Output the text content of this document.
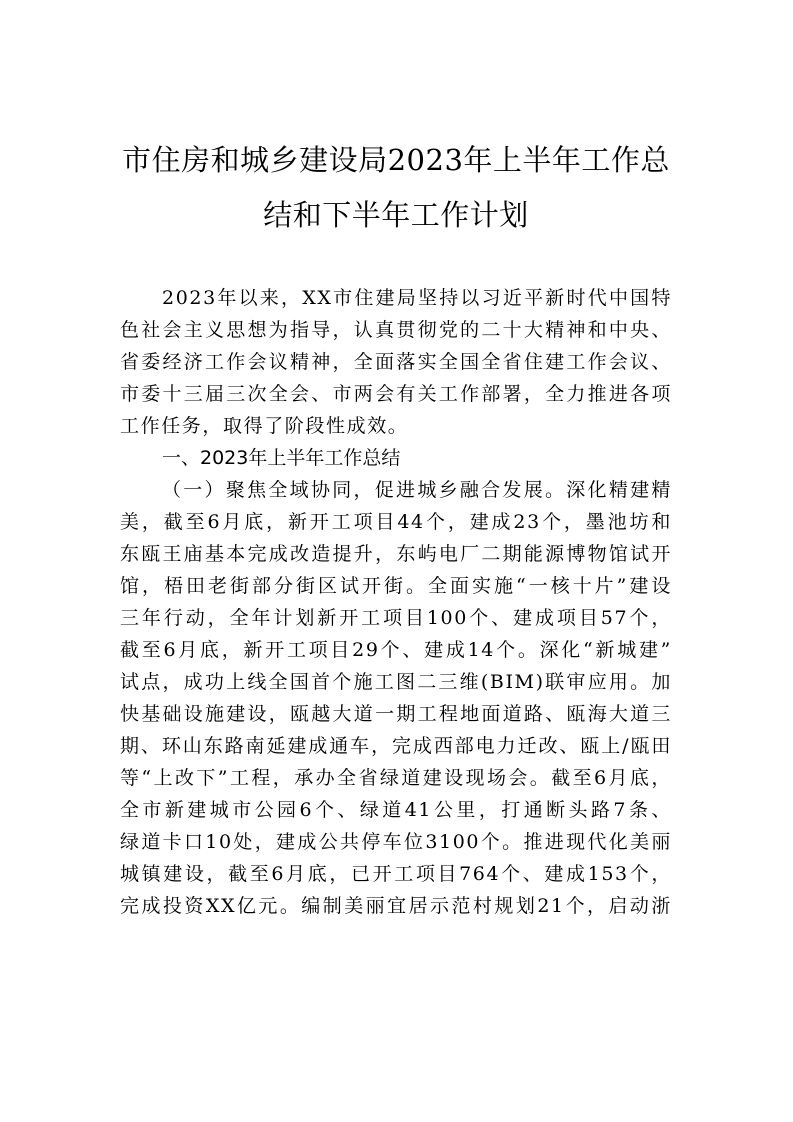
市住房和城乡建设局2023年上半年工作总
结和下半年工作计划
2023年以来，XX市住建局坚持以习近平新时代中国特
色社会主义思想为指导，认真贯彻党的二十大精神和中央、
省委经济工作会议精神，全面落实全国全省住建工作会议、
市委十三届三次全会、市两会有关工作部署，全力推进各项
工作任务，取得了阶段性成效。
一、2023年上半年工作总结
（一）聚焦全域协同，促进城乡融合发展。深化精建精
美，截至6月底，新开工项目44个，建成23个，墨池坊和
东瓯王庙基本完成改造提升，东屿电厂二期能源博物馆试开
馆，梧田老街部分街区试开街。全面实施“一核十片”建设
三年行动，全年计划新开工项目100个、建成项目57个，
截至6月底，新开工项目29个、建成14个。深化“新城建”
试点，成功上线全国首个施工图二三维(BIM)联审应用。加
快基础设施建设，瓯越大道一期工程地面道路、瓯海大道三
期、环山东路南延建成通车，完成西部电力迁改、瓯上/瓯田
等“上改下”工程，承办全省绿道建设现场会。截至6月底，
全市新建城市公园6个、绿道41公里，打通断头路7条、
绿道卡口10处，建成公共停车位3100个。推进现代化美丽
城镇建设，截至6月底，已开工项目764个、建成153个，
完成投资XX亿元。编制美丽宜居示范村规划21个，启动浙
